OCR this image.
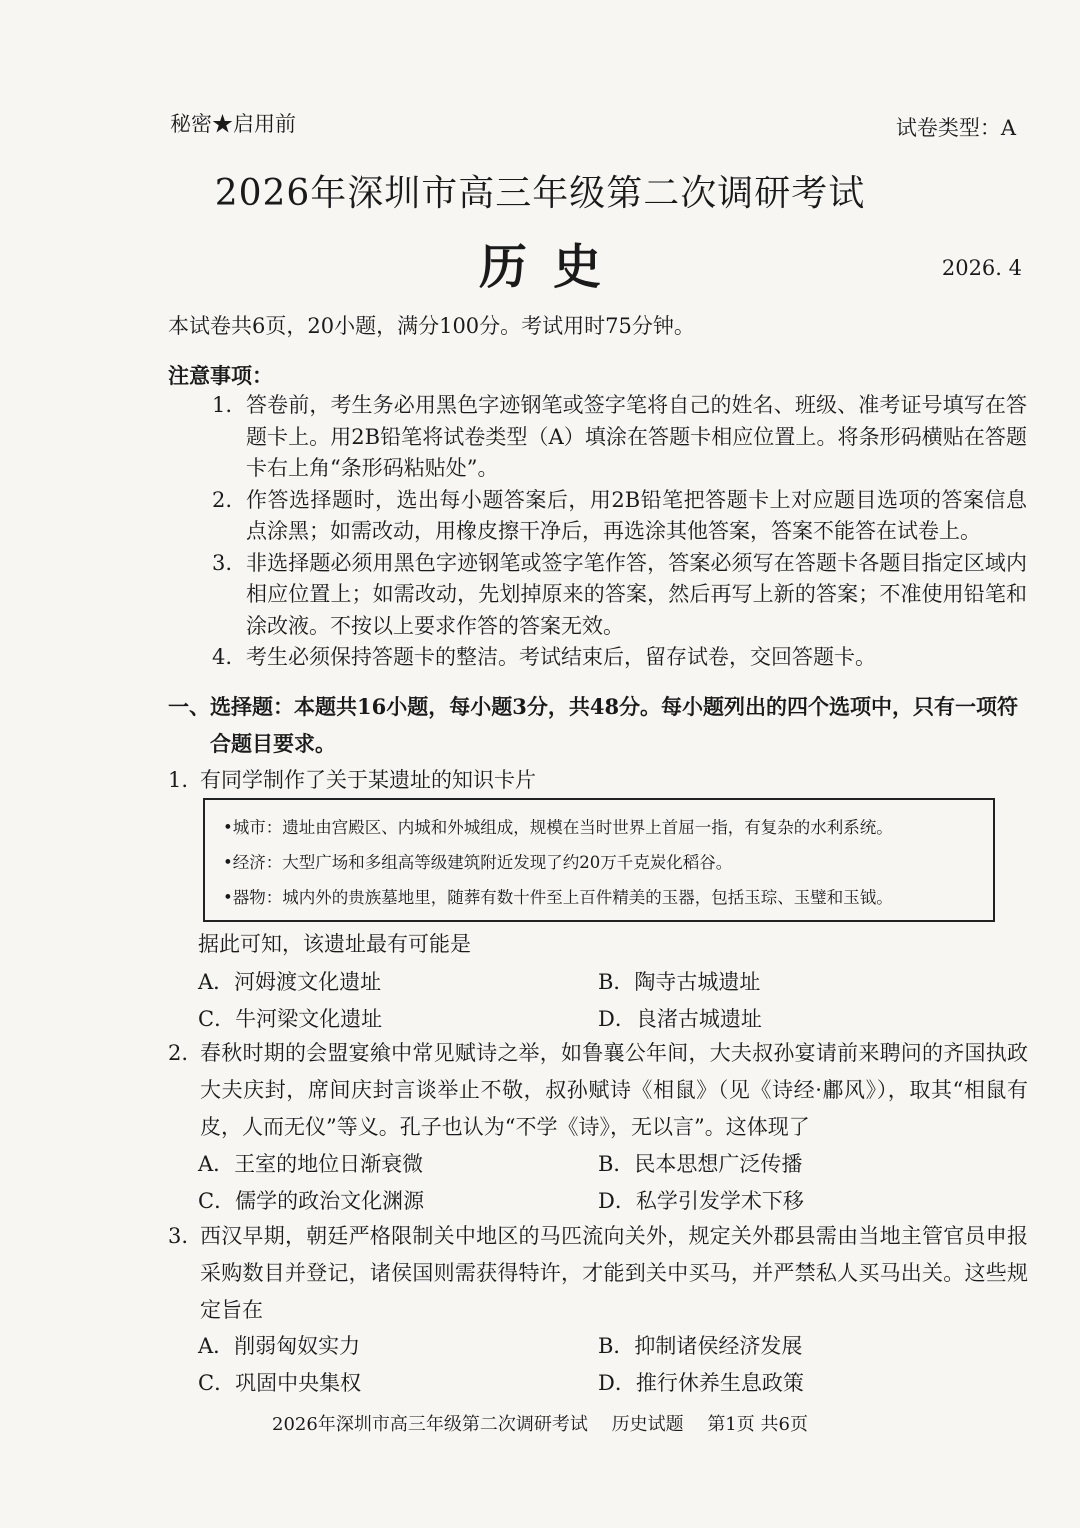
秘密★启用前	试卷类型：A
2026年深圳市高三年级第二次调研考试
历史	2026. 4
本试卷共6页，20小题，满分100分。考试用时75分钟。
注意事项：
1. 答卷前，考生务必用黑色字迹钢笔或签字笔将自己的姓名、班级、准考证号填写在答题卡上。用2B铅笔将试卷类型（A）填涂在答题卡相应位置上。将条形码横贴在答题卡右上角“条形码粘贴处”。
2. 作答选择题时，选出每小题答案后，用2B铅笔把答题卡上对应题目选项的答案信息点涂黑；如需改动，用橡皮擦干净后，再选涂其他答案，答案不能答在试卷上。
3. 非选择题必须用黑色字迹钢笔或签字笔作答，答案必须写在答题卡各题目指定区域内相应位置上；如需改动，先划掉原来的答案，然后再写上新的答案；不准使用铅笔和涂改液。不按以上要求作答的答案无效。
4. 考生必须保持答题卡的整洁。考试结束后，留存试卷，交回答题卡。
一、 选择题：本题共16小题，每小题3分，共48分。每小题列出的四个选项中，只有一项符合题目要求。
1. 有同学制作了关于某遗址的知识卡片
•城市：遗址由宫殿区、内城和外城组成，规模在当时世界上首屈一指，有复杂的水利系统。
•经济：大型广场和多组高等级建筑附近发现了约20万千克炭化稻谷。
•器物：城内外的贵族墓地里，随葬有数十件至上百件精美的玉器，包括玉琮、玉璧和玉钺。
据此可知，该遗址最有可能是
A．河姆渡文化遗址	B．陶寺古城遗址
C．牛河梁文化遗址	D．良渚古城遗址
2. 春秋时期的会盟宴飨中常见赋诗之举，如鲁襄公年间，大夫叔孙宴请前来聘问的齐国执政大夫庆封，席间庆封言谈举止不敬，叔孙赋诗《相鼠》（见《诗经·鄘风》），取其“相鼠有皮，人而无仪”等义。孔子也认为“不学《诗》，无以言”。这体现了
A．王室的地位日渐衰微	B．民本思想广泛传播
C．儒学的政治文化渊源	D．私学引发学术下移
3. 西汉早期，朝廷严格限制关中地区的马匹流向关外，规定关外郡县需由当地主管官员申报采购数目并登记，诸侯国则需获得特许，才能到关中买马，并严禁私人买马出关。这些规定旨在
A．削弱匈奴实力	B．抑制诸侯经济发展
C．巩固中央集权	D．推行休养生息政策
2026年深圳市高三年级第二次调研考试 历史试题 第1页 共6页
